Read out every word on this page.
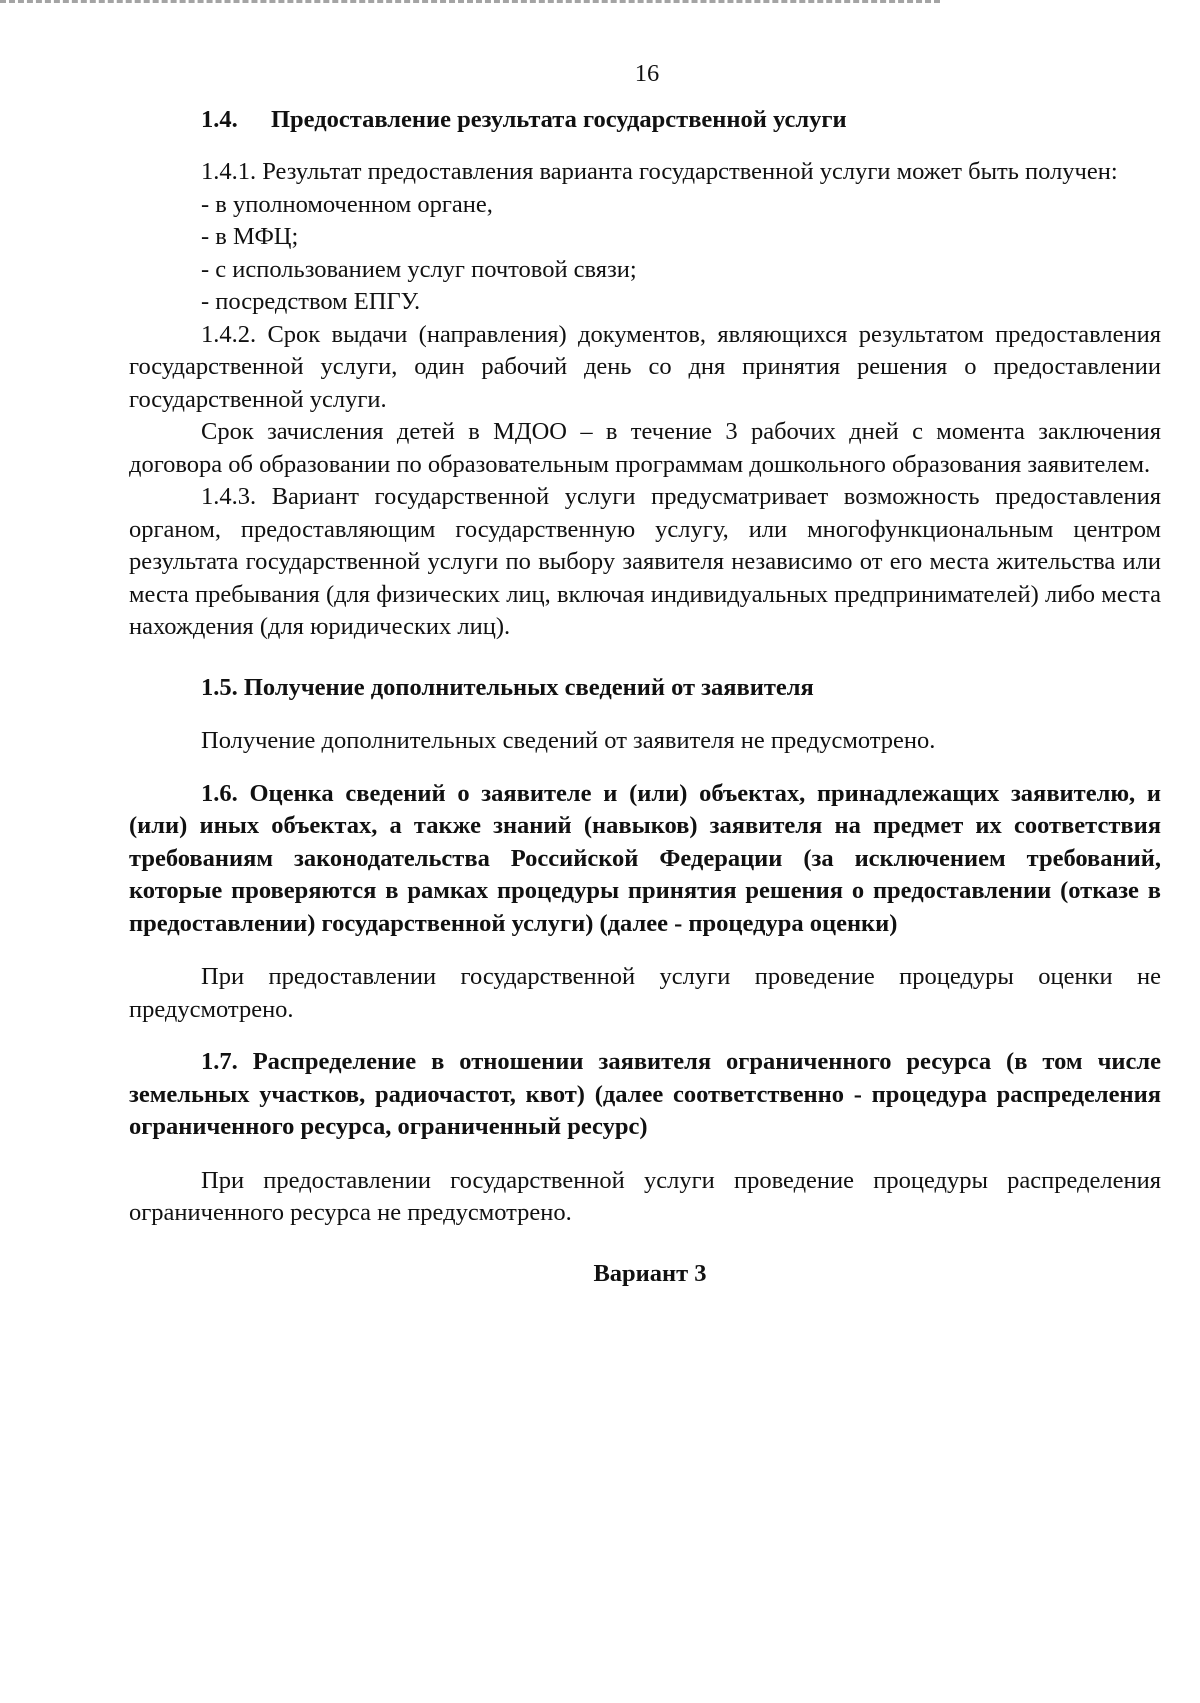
16

1.4. Предоставление результата государственной услуги

1.4.1. Результат предоставления варианта государственной услуги может быть получен:

- в уполномоченном органе,

- в МФЦ;

- с использованием услуг почтовой связи;

- посредством ЕПГУ.

1.4.2. Срок выдачи (направления) документов, являющихся результатом предоставления государственной услуги, один рабочий день со дня принятия решения о предоставлении государственной услуги.

Срок зачисления детей в МДОО – в течение 3 рабочих дней с момента заключения договора об образовании по образовательным программам дошкольного образования заявителем.

1.4.3. Вариант государственной услуги предусматривает возможность предоставления органом, предоставляющим государственную услугу, или многофункциональным центром результата государственной услуги по выбору заявителя независимо от его места жительства или места пребывания (для физических лиц, включая индивидуальных предпринимателей) либо места нахождения (для юридических лиц).

1.5. Получение дополнительных сведений от заявителя

Получение дополнительных сведений от заявителя не предусмотрено.

1.6. Оценка сведений о заявителе и (или) объектах, принадлежащих заявителю, и (или) иных объектах, а также знаний (навыков) заявителя на предмет их соответствия требованиям законодательства Российской Федерации (за исключением требований, которые проверяются в рамках процедуры принятия решения о предоставлении (отказе в предоставлении) государственной услуги) (далее - процедура оценки)

При предоставлении государственной услуги проведение процедуры оценки не предусмотрено.

1.7. Распределение в отношении заявителя ограниченного ресурса (в том числе земельных участков, радиочастот, квот) (далее соответственно - процедура распределения ограниченного ресурса, ограниченный ресурс)

При предоставлении государственной услуги проведение процедуры распределения ограниченного ресурса не предусмотрено.

Вариант 3
